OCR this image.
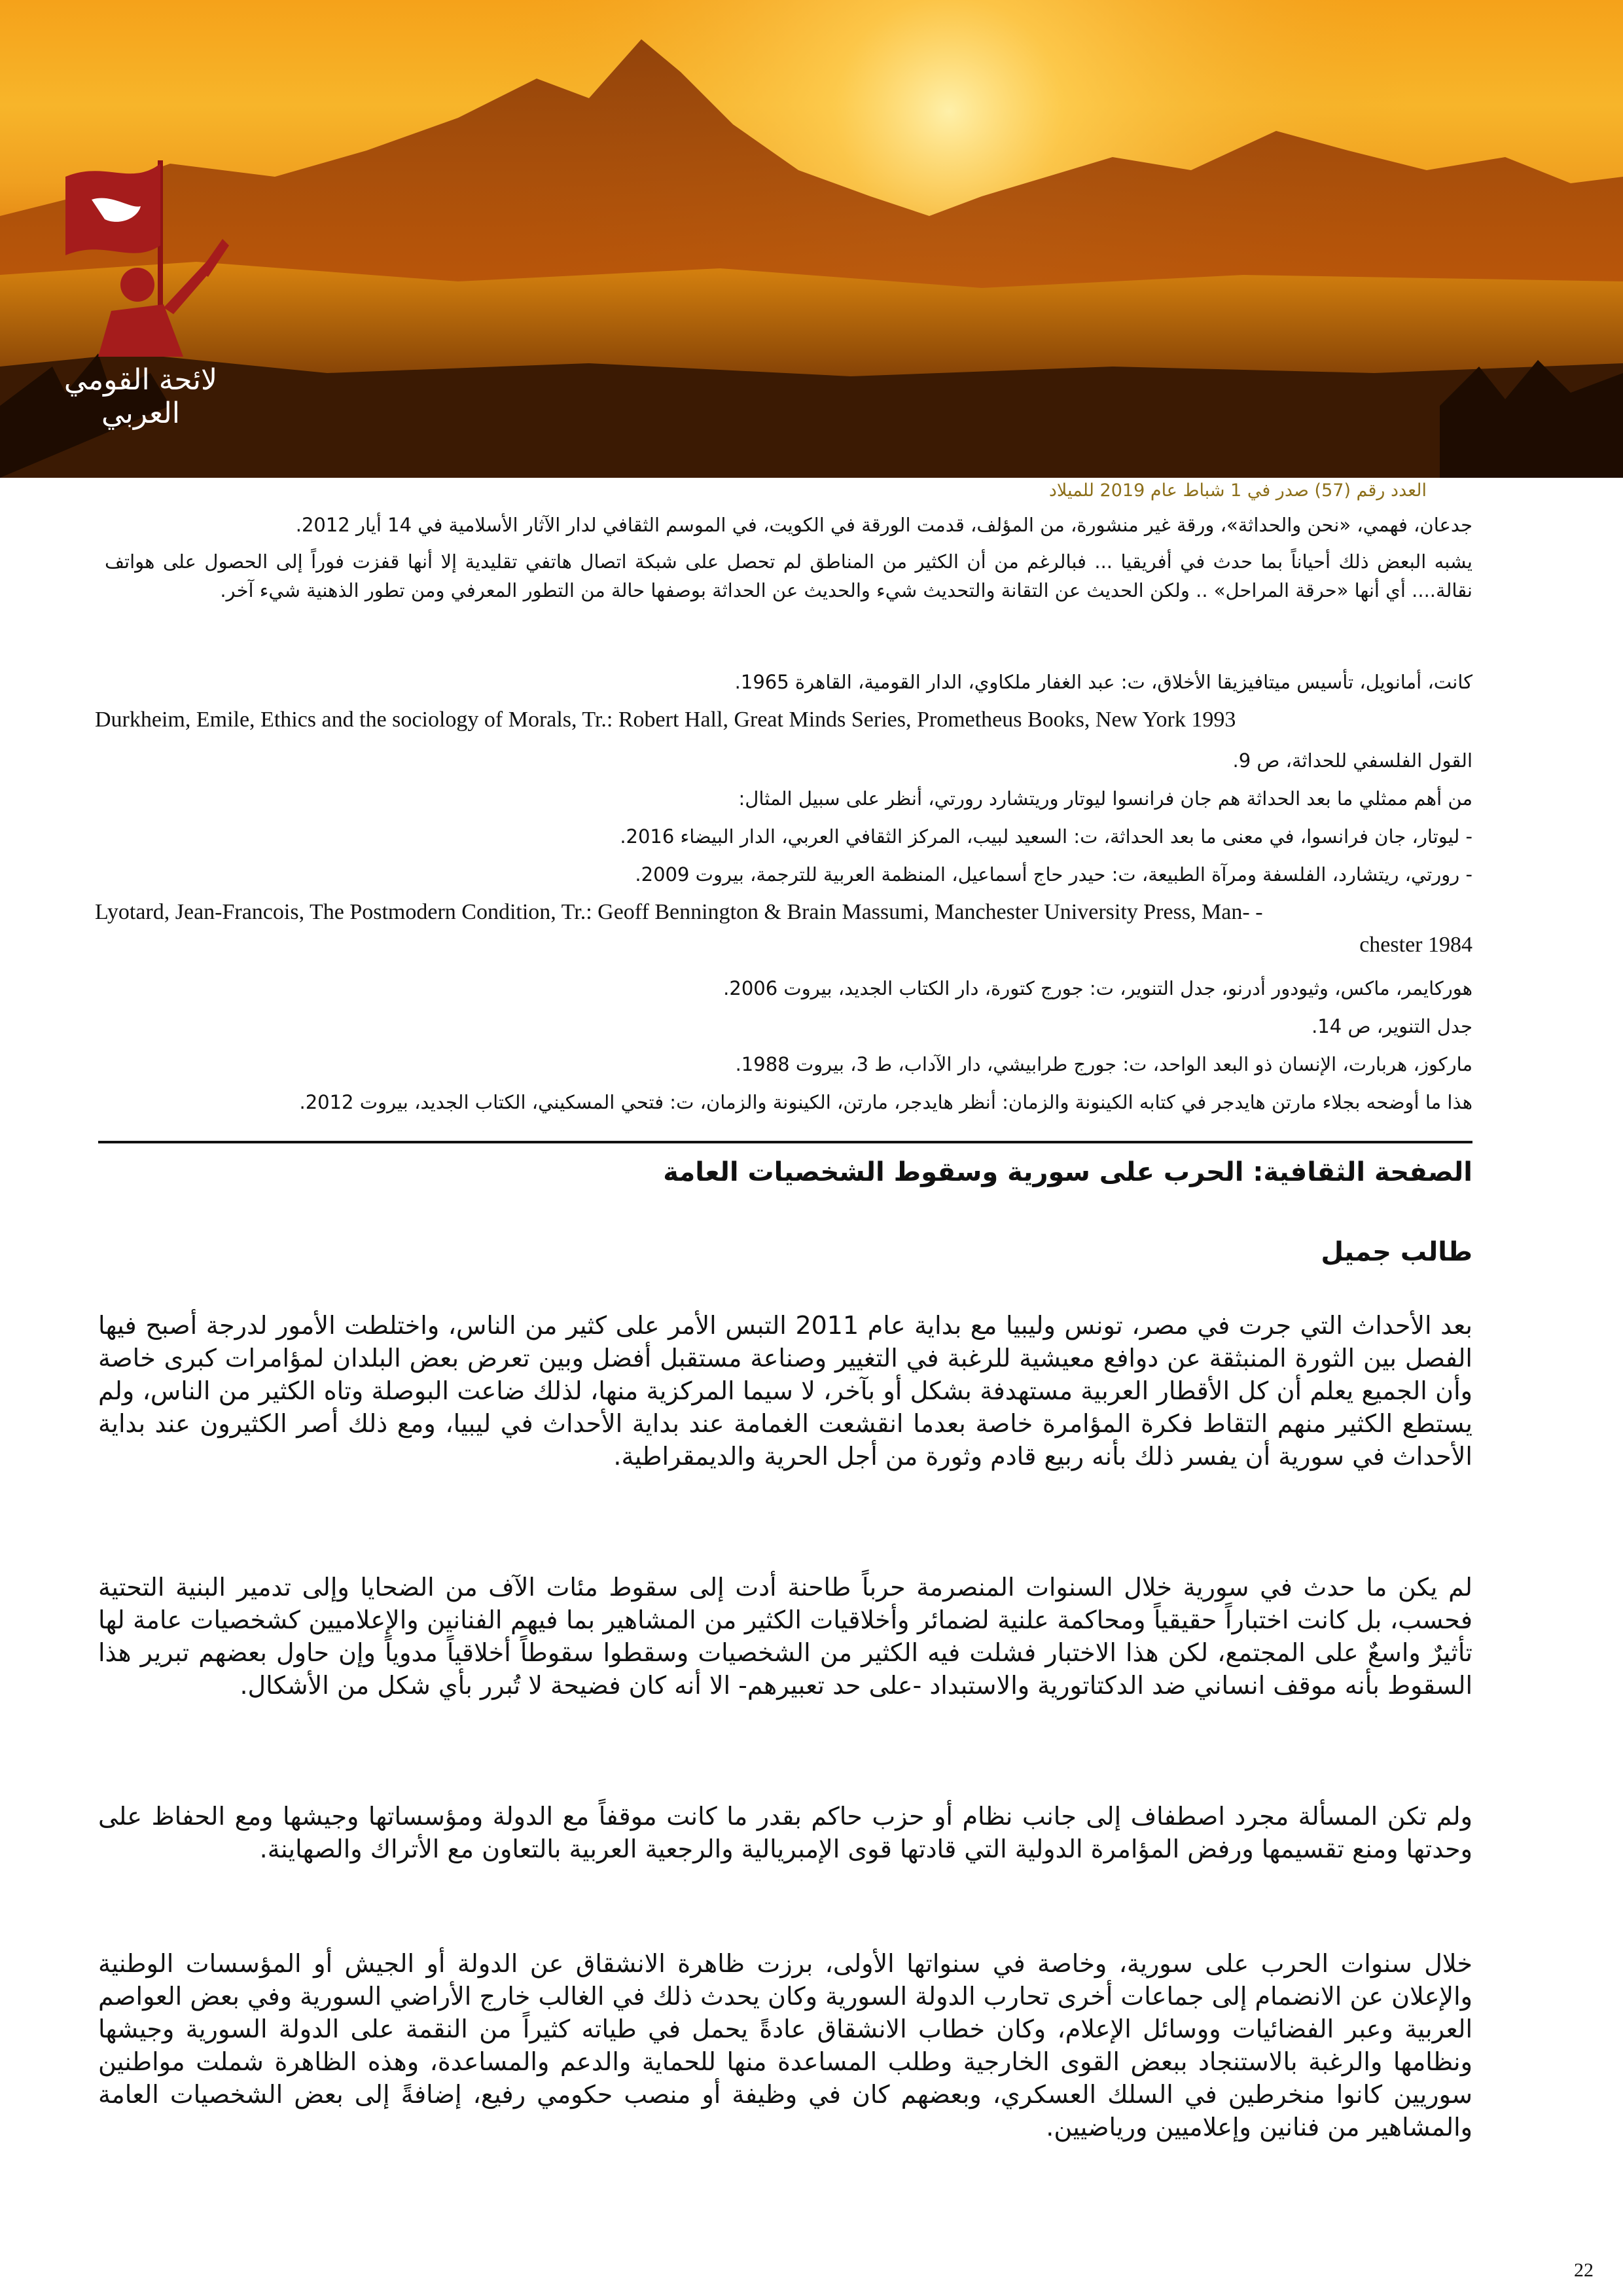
لائحة القومي العربي
العدد رقم (57) صدر في 1 شباط عام 2019 للميلاد
جدعان، فهمي، «نحن والحداثة»، ورقة غير منشورة، من المؤلف، قدمت الورقة في الكويت، في الموسم الثقافي لدار الآثار الأسلامية في 14 أيار 2012.
يشبه البعض ذلك أحياناً بما حدث في أفريقيا ... فبالرغم من أن الكثير من المناطق لم تحصل على شبكة اتصال هاتفي تقليدية إلا أنها قفزت فوراً إلى الحصول على هواتف نقالة.... أي أنها «حرقة المراحل» .. ولكن الحديث عن التقانة والتحديث شيء والحديث عن الحداثة بوصفها حالة من التطور المعرفي ومن تطور الذهنية شيء آخر.
كانت، أمانويل، تأسيس ميتافيزيقا الأخلاق، ت: عبد الغفار ملكاوي، الدار القومية، القاهرة 1965.
Durkheim, Emile, Ethics and the sociology of Morals, Tr.: Robert Hall, Great Minds Series, Prometheus Books, New York 1993
القول الفلسفي للحداثة، ص 9.
من أهم ممثلي ما بعد الحداثة هم جان فرانسوا ليوتار وريتشارد رورتي، أنظر على سبيل المثال:
- ليوتار، جان فرانسوا، في معنى ما بعد الحداثة، ت: السعيد لبيب، المركز الثقافي العربي، الدار البيضاء 2016.
- رورتي، ريتشارد، الفلسفة ومرآة الطبيعة، ت: حيدر حاج أسماعيل، المنظمة العربية للترجمة، بيروت 2009.
Lyotard, Jean-Francois, The Postmodern Condition, Tr.: Geoff Bennington & Brain Massumi, Manchester University Press, Man- -
chester 1984
هوركايمر، ماكس، وثيودور أدرنو، جدل التنوير، ت: جورج كتورة، دار الكتاب الجديد، بيروت 2006.
جدل التنوير، ص 14.
ماركوز، هربارت، الإنسان ذو البعد الواحد، ت: جورج طرابيشي، دار الآداب، ط 3، بيروت 1988.
هذا ما أوضحه بجلاء مارتن هايدجر في كتابه الكينونة والزمان: أنظر هايدجر، مارتن، الكينونة والزمان، ت: فتحي المسكيني، الكتاب الجديد، بيروت 2012.
الصفحة الثقافية: الحرب على سورية وسقوط الشخصيات العامة
طالب جميل
بعد الأحداث التي جرت في مصر، تونس وليبيا مع بداية عام 2011 التبس الأمر على كثير من الناس، واختلطت الأمور لدرجة أصبح فيها الفصل بين الثورة المنبثقة عن دوافع معيشية للرغبة في التغيير وصناعة مستقبل أفضل وبين تعرض بعض البلدان لمؤامرات كبرى خاصة وأن الجميع يعلم أن كل الأقطار العربية مستهدفة بشكل أو بآخر، لا سيما المركزية منها، لذلك ضاعت البوصلة وتاه الكثير من الناس، ولم يستطع الكثير منهم التقاط فكرة المؤامرة خاصة بعدما انقشعت الغمامة عند بداية الأحداث في ليبيا، ومع ذلك أصر الكثيرون عند بداية الأحداث في سورية أن يفسر ذلك بأنه ربيع قادم وثورة من أجل الحرية والديمقراطية.
لم يكن ما حدث في سورية خلال السنوات المنصرمة حرباً طاحنة أدت إلى سقوط مئات الآف من الضحايا وإلى تدمير البنية التحتية فحسب، بل كانت اختباراً حقيقياً ومحاكمة علنية لضمائر وأخلاقيات الكثير من المشاهير بما فيهم الفنانين والإعلاميين كشخصيات عامة لها تأثيرٌ واسعٌ على المجتمع، لكن هذا الاختبار فشلت فيه الكثير من الشخصيات وسقطوا سقوطاً أخلاقياً مدوياً وإن حاول بعضهم تبرير هذا السقوط بأنه موقف انساني ضد الدكتاتورية والاستبداد -على حد تعبيرهم- الا أنه كان فضيحة لا تُبرر بأي شكل من الأشكال.
ولم تكن المسألة مجرد اصطفاف إلى جانب نظام أو حزب حاكم بقدر ما كانت موقفاً مع الدولة ومؤسساتها وجيشها ومع الحفاظ على وحدتها ومنع تقسيمها ورفض المؤامرة الدولية التي قادتها قوى الإمبريالية والرجعية العربية بالتعاون مع الأتراك والصهاينة.
خلال سنوات الحرب على سورية، وخاصة في سنواتها الأولى، برزت ظاهرة الانشقاق عن الدولة أو الجيش أو المؤسسات الوطنية والإعلان عن الانضمام إلى جماعات أخرى تحارب الدولة السورية وكان يحدث ذلك في الغالب خارج الأراضي السورية وفي بعض العواصم العربية وعبر الفضائيات ووسائل الإعلام، وكان خطاب الانشقاق عادةً يحمل في طياته كثيراً من النقمة على الدولة السورية وجيشها ونظامها والرغبة بالاستنجاد ببعض القوى الخارجية وطلب المساعدة منها للحماية والدعم والمساعدة، وهذه الظاهرة شملت مواطنين سوريين كانوا منخرطين في السلك العسكري، وبعضهم كان في وظيفة أو منصب حكومي رفيع، إضافةً إلى بعض الشخصيات العامة والمشاهير من فنانين وإعلاميين ورياضيين.
22
